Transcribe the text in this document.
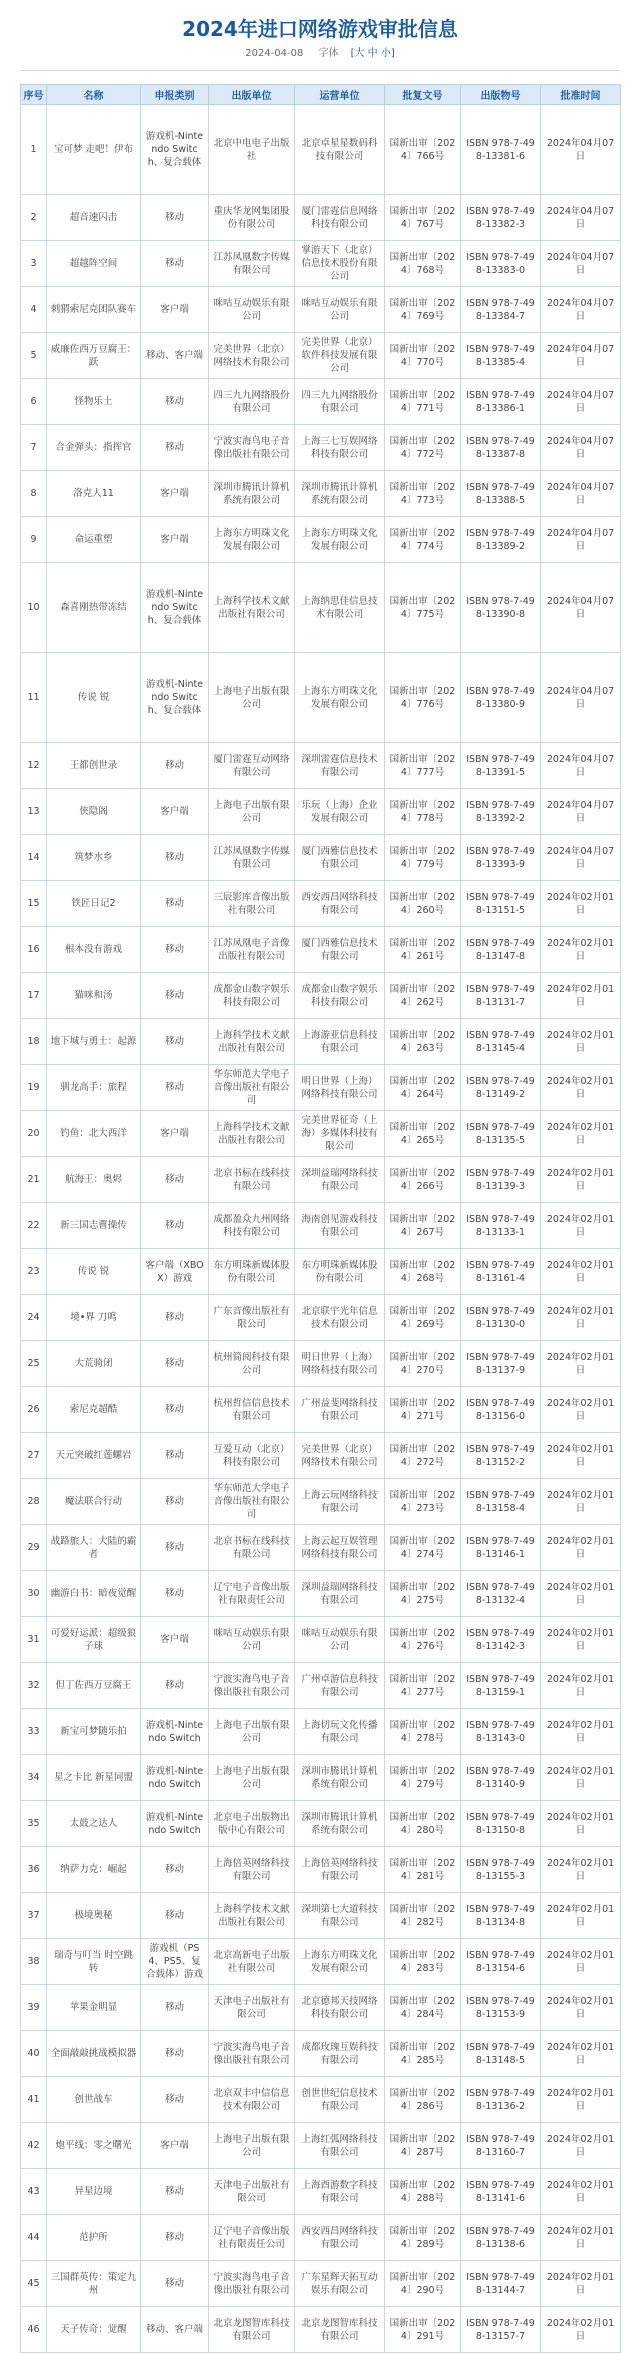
2024年进口网络游戏审批信息
2024-04-08 字体 [大 中 小]
序号	名称	申报类别	出版单位	运营单位	批复文号	出版物号	批准时间
1	宝可梦 走吧！伊布	游戏机-Nintendo Switch、复合载体	北京中电电子出版社	北京卓星星数码科技有限公司	国新出审〔2024〕766号	ISBN 978-7-498-13381-6	2024年04月07日
2	超音速闪击	移动	重庆华龙网集团股份有限公司	厦门雷霆信息网络科技有限公司	国新出审〔2024〕767号	ISBN 978-7-498-13382-3	2024年04月07日
3	超越阵空间	移动	江苏凤凰数字传媒有限公司	掌游天下（北京）信息技术股份有限公司	国新出审〔2024〕768号	ISBN 978-7-498-13383-0	2024年04月07日
4	刺猬索尼克团队赛车	客户端	咪咕互动娱乐有限公司	咪咕互动娱乐有限公司	国新出审〔2024〕769号	ISBN 978-7-498-13384-7	2024年04月07日
5	威廉佐西万豆腐王：跃	移动、客户端	完美世界（北京）网络技术有限公司	完美世界（北京）软件科技发展有限公司	国新出审〔2024〕770号	ISBN 978-7-498-13385-4	2024年04月07日
6	怪物乐土	移动	四三九九网络股份有限公司	四三九九网络股份有限公司	国新出审〔2024〕771号	ISBN 978-7-498-13386-1	2024年04月07日
7	合金弹头：指挥官	移动	宁波实海鸟电子音像出版社有限公司	上海三七互娱网络科技有限公司	国新出审〔2024〕772号	ISBN 978-7-498-13387-8	2024年04月07日
8	洛克人11	客户端	深圳市腾讯计算机系统有限公司	深圳市腾讯计算机系统有限公司	国新出审〔2024〕773号	ISBN 978-7-498-13388-5	2024年04月07日
9	命运重塑	客户端	上海东方明珠文化发展有限公司	上海东方明珠文化发展有限公司	国新出审〔2024〕774号	ISBN 978-7-498-13389-2	2024年04月07日
10	森喜刚热带冻结	游戏机-Nintendo Switch、复合载体	上海科学技术文献出版社有限公司	上海纳思佳信息技术有限公司	国新出审〔2024〕775号	ISBN 978-7-498-13390-8	2024年04月07日
11	传说 锐	游戏机-Nintendo Switch、复合载体	上海电子出版有限公司	上海东方明珠文化发展有限公司	国新出审〔2024〕776号	ISBN 978-7-498-13380-9	2024年04月07日
12	王都创世录	移动	厦门雷霆互动网络有限公司	深圳雷霆信息技术有限公司	国新出审〔2024〕777号	ISBN 978-7-498-13391-5	2024年04月07日
13	侠隐阁	客户端	上海电子出版有限公司	乐玩（上海）企业发展有限公司	国新出审〔2024〕778号	ISBN 978-7-498-13392-2	2024年04月07日
14	筑梦水乡	移动	江苏凤凰数字传媒有限公司	厦门西雅信息技术有限公司	国新出审〔2024〕779号	ISBN 978-7-498-13393-9	2024年04月07日
15	铁匠日记2	移动	三辰影库音像出版社有限公司	西安西昌网络科技有限公司	国新出审〔2024〕260号	ISBN 978-7-498-13151-5	2024年02月01日
16	根本没有游戏	移动	江苏凤凰电子音像出版社有限公司	厦门西雅信息技术有限公司	国新出审〔2024〕261号	ISBN 978-7-498-13147-8	2024年02月01日
17	猫咪和汤	移动	成都金山数字娱乐科技有限公司	成都金山数字娱乐科技有限公司	国新出审〔2024〕262号	ISBN 978-7-498-13131-7	2024年02月01日
18	地下城与勇士：起源	移动	上海科学技术文献出版社有限公司	上海游亚信息科技有限公司	国新出审〔2024〕263号	ISBN 978-7-498-13145-4	2024年02月01日
19	驯龙高手：旅程	移动	华东师范大学电子音像出版社有限公司	明日世界（上海）网络科技有限公司	国新出审〔2024〕264号	ISBN 978-7-498-13149-2	2024年02月01日
20	钓鱼：北大西洋	客户端	上海科学技术文献出版社有限公司	完美世界征奇（上海）多媒体科技有限公司	国新出审〔2024〕265号	ISBN 978-7-498-13135-5	2024年02月01日
21	航海王：奥烬	移动	北京书标在线科技有限公司	深圳益瑞网络科技有限公司	国新出审〔2024〕266号	ISBN 978-7-498-13139-3	2024年02月01日
22	新三国志曹操传	移动	成都盈众九州网络科技有限公司	海南创见游戏科技有限公司	国新出审〔2024〕267号	ISBN 978-7-498-13133-1	2024年02月01日
23	传说 锐	客户端（XBOX）游戏	东方明珠新媒体股份有限公司	东方明珠新媒体股份有限公司	国新出审〔2024〕268号	ISBN 978-7-498-13161-4	2024年02月01日
24	境•界 刀鸣	移动	广东音像出版社有限公司	北京联宇光年信息技术有限公司	国新出审〔2024〕269号	ISBN 978-7-498-13130-0	2024年02月01日
25	大荒骑闭	移动	杭州简阅科技有限公司	明日世界（上海）网络科技有限公司	国新出审〔2024〕270号	ISBN 978-7-498-13137-9	2024年02月01日
26	索尼克超酷	移动	杭州哲信信息技术有限公司	广州益斐网络科技有限公司	国新出审〔2024〕271号	ISBN 978-7-498-13156-0	2024年02月01日
27	天元突破红莲螺岩	移动	互爱互动（北京）科技有限公司	完美世界（北京）网络技术有限公司	国新出审〔2024〕272号	ISBN 978-7-498-13152-2	2024年02月01日
28	魔法联合行动	移动	华东师范大学电子音像出版社有限公司	上海云玩网络科技有限公司	国新出审〔2024〕273号	ISBN 978-7-498-13158-4	2024年02月01日
29	战路旅人：大陆的霸者	移动	北京书标在线科技有限公司	上海云起互娱管理网络科技有限公司	国新出审〔2024〕274号	ISBN 978-7-498-13146-1	2024年02月01日
30	幽游白书：暗夜觉醒	移动	辽宁电子音像出版社有限责任公司	深圳益瑞网络科技有限公司	国新出审〔2024〕275号	ISBN 978-7-498-13132-4	2024年02月01日
31	可爱好运派：超级狼子球	客户端	咪咕互动娱乐有限公司	咪咕互动娱乐有限公司	国新出审〔2024〕276号	ISBN 978-7-498-13142-3	2024年02月01日
32	但丁佐西万豆腐王	移动	宁波实海鸟电子音像出版社有限公司	广州卓游信息科技有限公司	国新出审〔2024〕277号	ISBN 978-7-498-13159-1	2024年02月01日
33	新宝可梦随乐拍	游戏机-Nintendo Switch	上海电子出版有限公司	上海切玩文化传播有限公司	国新出审〔2024〕278号	ISBN 978-7-498-13143-0	2024年02月01日
34	星之卡比 新星同盟	游戏机-Nintendo Switch	上海电子出版有限公司	深圳市腾讯计算机系统有限公司	国新出审〔2024〕279号	ISBN 978-7-498-13140-9	2024年02月01日
35	太鼓之达人	游戏机-Nintendo Switch	北京电子出版物出版中心有限公司	深圳市腾讯计算机系统有限公司	国新出审〔2024〕280号	ISBN 978-7-498-13150-8	2024年02月01日
36	纳萨力克：崛起	移动	上海倍英网络科技有限公司	上海倍英网络科技有限公司	国新出审〔2024〕281号	ISBN 978-7-498-13155-3	2024年02月01日
37	极境奥秘	移动	上海科学技术文献出版社有限公司	深圳第七大道科技有限公司	国新出审〔2024〕282号	ISBN 978-7-498-13134-8	2024年02月01日
38	瑞奇与叮当 时空跳转	游戏机（PS4、PS5、复合载体）游戏	北京高新电子出版社有限公司	上海东方明珠文化发展有限公司	国新出审〔2024〕283号	ISBN 978-7-498-13154-6	2024年02月01日
39	苹果金明显	移动	天津电子出版社有限公司	北京德邦天技网络科技有限公司	国新出审〔2024〕284号	ISBN 978-7-498-13153-9	2024年02月01日
40	全面敲敲挑战模拟器	移动	宁波实海鸟电子音像出版社有限公司	成都玫瑰互娱科技有限公司	国新出审〔2024〕285号	ISBN 978-7-498-13148-5	2024年02月01日
41	创世战车	移动	北京双丰中信信息技术有限公司	创世世纪信息技术有限公司	国新出审〔2024〕286号	ISBN 978-7-498-13136-2	2024年02月01日
42	炮平线：零之曙光	客户端	上海电子出版有限公司	上海红弧网络科技有限公司	国新出审〔2024〕287号	ISBN 978-7-498-13160-7	2024年02月01日
43	异星边境	移动	天津电子出版社有限公司	上海酉游数字科技有限公司	国新出审〔2024〕288号	ISBN 978-7-498-13141-6	2024年02月01日
44	范护所	移动	辽宁电子音像出版社有限责任公司	西安西昌网络科技有限公司	国新出审〔2024〕289号	ISBN 978-7-498-13138-6	2024年02月01日
45	三国群英传：策定九州	移动	宁波实海鸟电子音像出版社有限公司	广东星辉天拓互动娱乐有限公司	国新出审〔2024〕290号	ISBN 978-7-498-13144-7	2024年02月01日
46	天子传奇：觉醒	移动、客户端	北京龙图智库科技有限公司	北京龙图智库科技有限公司	国新出审〔2024〕291号	ISBN 978-7-498-13157-7	2024年02月01日
